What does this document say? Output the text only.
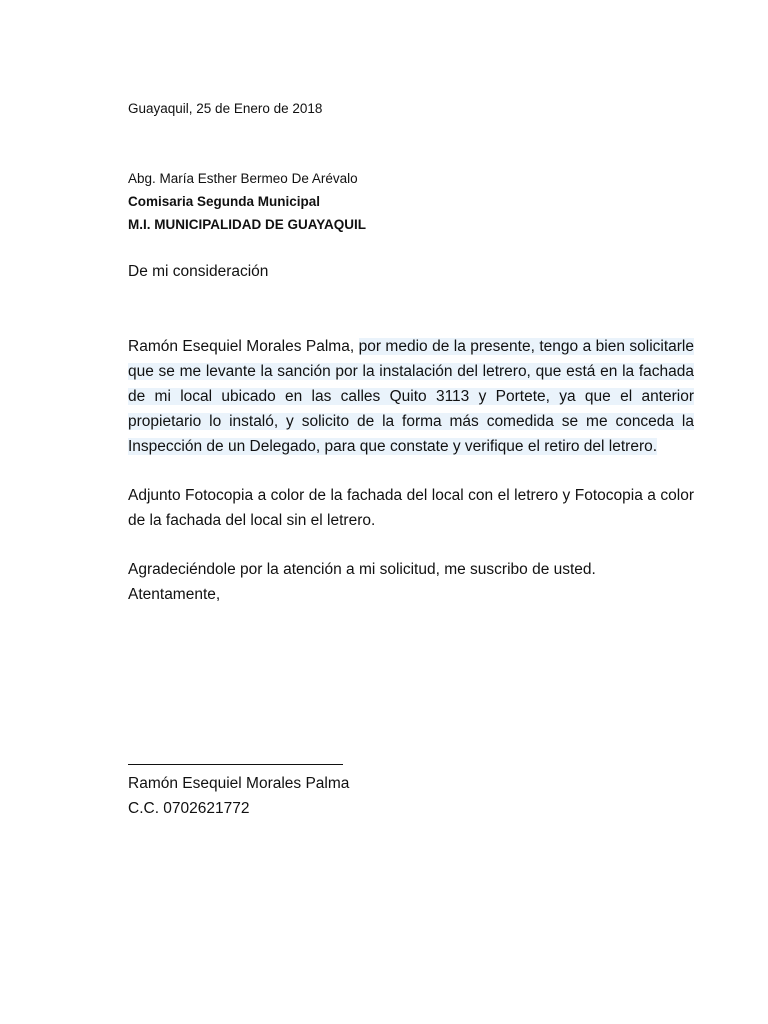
Guayaquil, 25 de Enero de 2018
Abg. María Esther Bermeo De Arévalo
Comisaria Segunda Municipal
M.I. MUNICIPALIDAD DE GUAYAQUIL
De mi consideración

Ramón Esequiel Morales Palma, por medio de la presente, tengo a bien solicitarle que se me levante la sanción por la instalación del letrero, que está en la fachada de mi local ubicado en las calles Quito 3113 y Portete, ya que el anterior propietario lo instaló, y solicito de la forma más comedida se me conceda la Inspección de un Delegado, para que constate y verifique el retiro del letrero.

Adjunto Fotocopia a color de la fachada del local con el letrero y Fotocopia a color de la fachada del local sin el letrero.

Agradeciéndole por la atención a mi solicitud, me suscribo de usted.
Atentamente,
Ramón Esequiel Morales Palma
C.C. 0702621772
